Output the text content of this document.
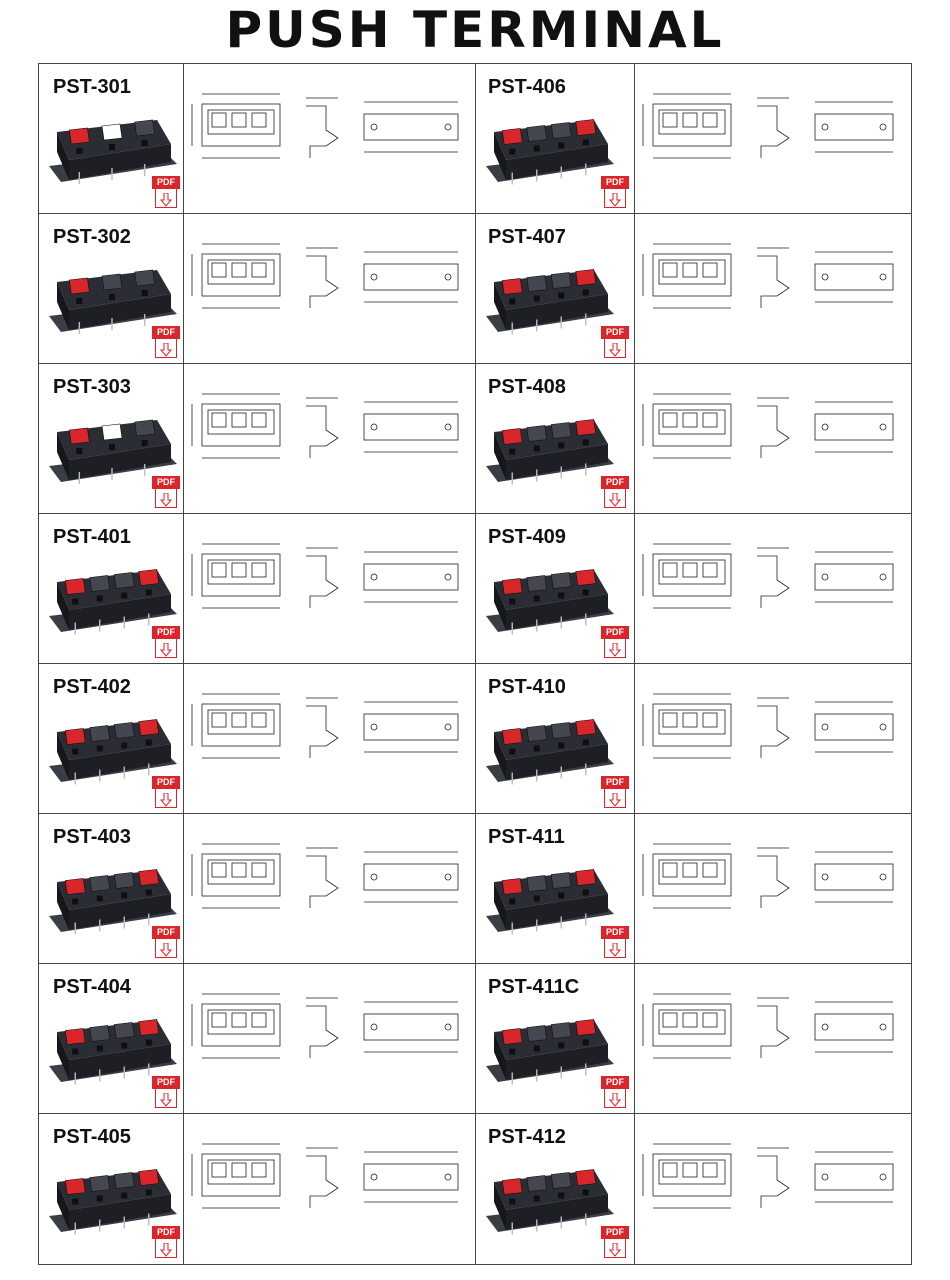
PUSH TERMINAL
PST-301
PDF
PST-406
PDF
PST-302
PDF
PST-407
PDF
PST-303
PDF
PST-408
PDF
PST-401
PDF
PST-409
PDF
PST-402
PDF
PST-410
PDF
PST-403
PDF
PST-411
PDF
PST-404
PDF
PST-411C
PDF
PST-405
PDF
PST-412
PDF
